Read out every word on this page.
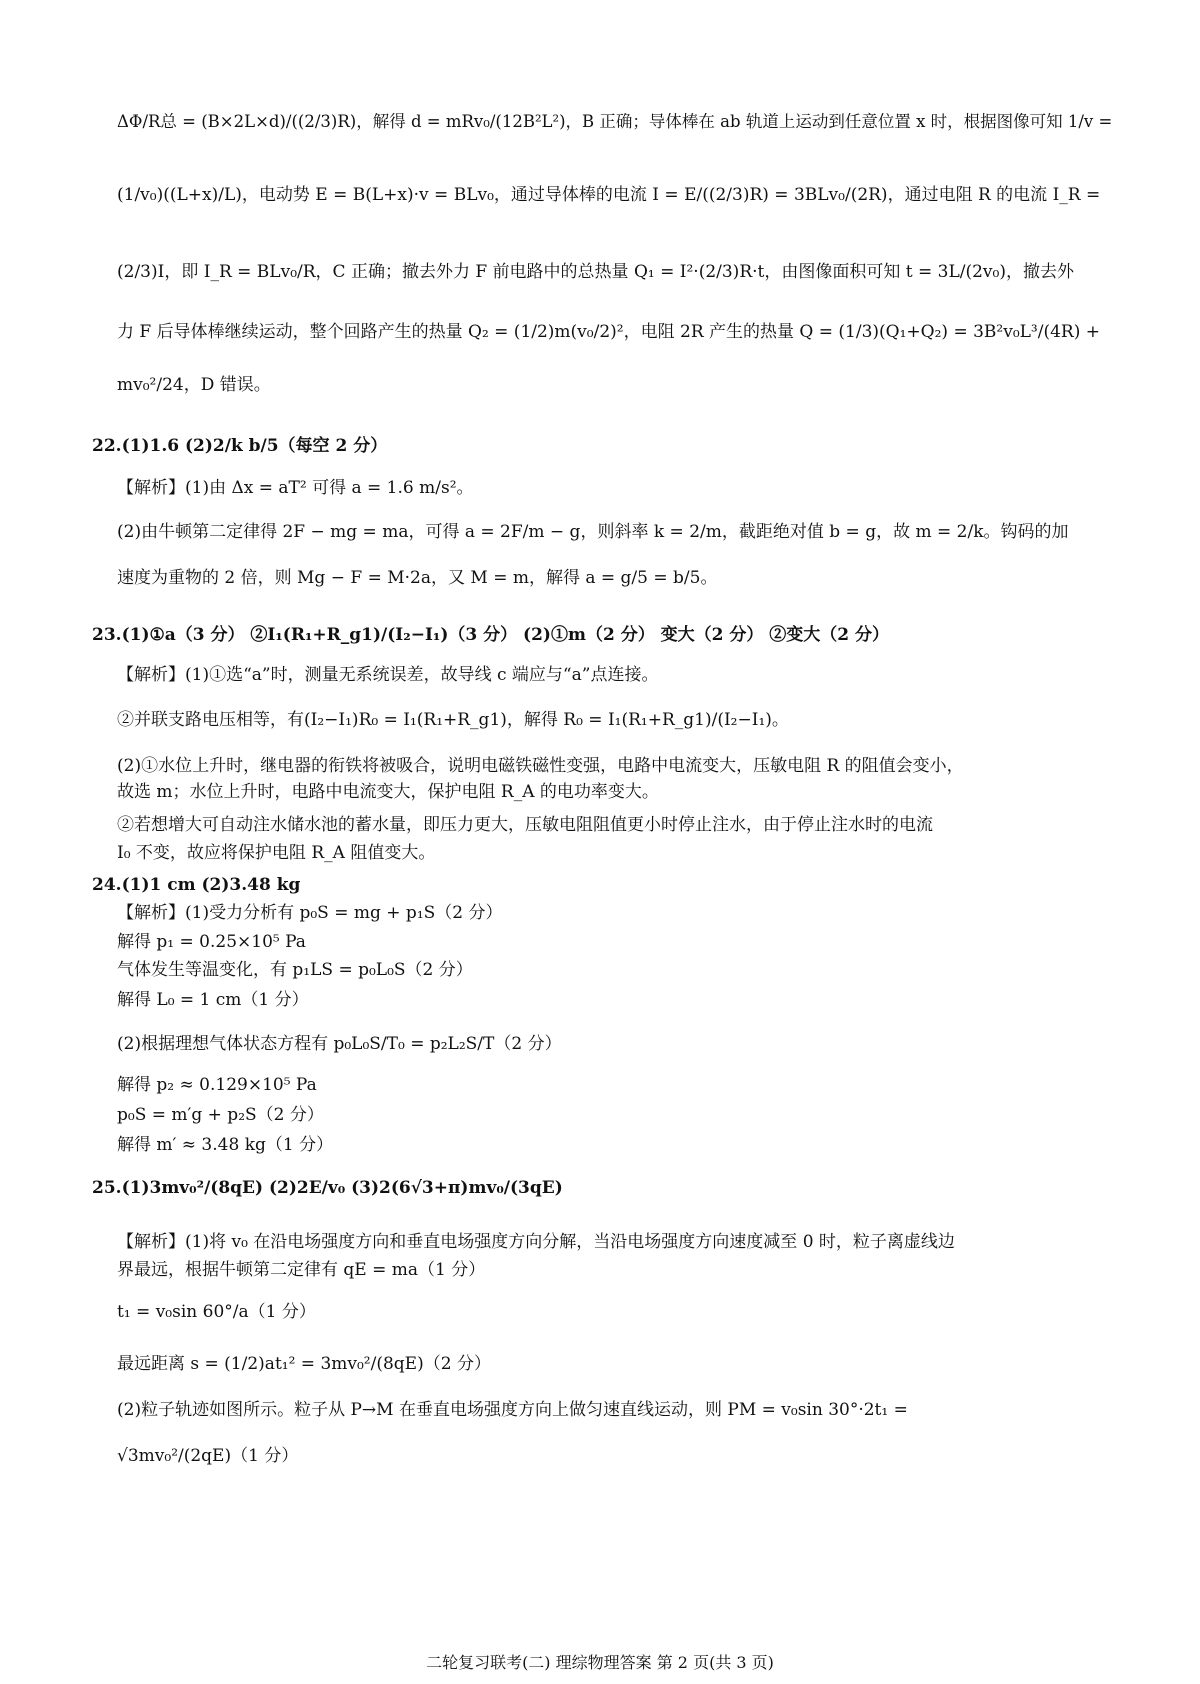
ΔΦ/R总 = (B×2L×d)/((2/3)R)，解得 d = mRv₀/(12B²L²)，B 正确；导体棒在 ab 轨道上运动到任意位置 x 时，根据图像可知 1/v =
(1/v₀)((L+x)/L)，电动势 E = B(L+x)·v = BLv₀，通过导体棒的电流 I = E/((2/3)R) = 3BLv₀/(2R)，通过电阻 R 的电流 I_R =
(2/3)I，即 I_R = BLv₀/R，C 正确；撤去外力 F 前电路中的总热量 Q₁ = I²·(2/3)R·t，由图像面积可知 t = 3L/(2v₀)，撤去外
力 F 后导体棒继续运动，整个回路产生的热量 Q₂ = (1/2)m(v₀/2)²，电阻 2R 产生的热量 Q = (1/3)(Q₁+Q₂) = 3B²v₀L³/(4R) +
mv₀²/24，D 错误。
22.(1)1.6 (2)2/k b/5（每空 2 分）
【解析】(1)由 Δx = aT² 可得 a = 1.6 m/s²。
(2)由牛顿第二定律得 2F − mg = ma，可得 a = 2F/m − g，则斜率 k = 2/m，截距绝对值 b = g，故 m = 2/k。钩码的加
速度为重物的 2 倍，则 Mg − F = M·2a，又 M = m，解得 a = g/5 = b/5。
23.(1)①a（3 分） ②I₁(R₁+R_g1)/(I₂−I₁)（3 分） (2)①m（2 分） 变大（2 分） ②变大（2 分）
【解析】(1)①选“a”时，测量无系统误差，故导线 c 端应与“a”点连接。
②并联支路电压相等，有(I₂−I₁)R₀ = I₁(R₁+R_g1)，解得 R₀ = I₁(R₁+R_g1)/(I₂−I₁)。
(2)①水位上升时，继电器的衔铁将被吸合，说明电磁铁磁性变强，电路中电流变大，压敏电阻 R 的阻值会变小，
故选 m；水位上升时，电路中电流变大，保护电阻 R_A 的电功率变大。
②若想增大可自动注水储水池的蓄水量，即压力更大，压敏电阻阻值更小时停止注水，由于停止注水时的电流
I₀ 不变，故应将保护电阻 R_A 阻值变大。
24.(1)1 cm (2)3.48 kg
【解析】(1)受力分析有 p₀S = mg + p₁S（2 分）
解得 p₁ = 0.25×10⁵ Pa
气体发生等温变化，有 p₁LS = p₀L₀S（2 分）
解得 L₀ = 1 cm（1 分）
(2)根据理想气体状态方程有 p₀L₀S/T₀ = p₂L₂S/T（2 分）
解得 p₂ ≈ 0.129×10⁵ Pa
p₀S = m′g + p₂S（2 分）
解得 m′ ≈ 3.48 kg（1 分）
25.(1)3mv₀²/(8qE) (2)2E/v₀ (3)2(6√3+π)mv₀/(3qE)
【解析】(1)将 v₀ 在沿电场强度方向和垂直电场强度方向分解，当沿电场强度方向速度减至 0 时，粒子离虚线边
界最远，根据牛顿第二定律有 qE = ma（1 分）
t₁ = v₀sin 60°/a（1 分）
最远距离 s = (1/2)at₁² = 3mv₀²/(8qE)（2 分）
(2)粒子轨迹如图所示。粒子从 P→M 在垂直电场强度方向上做匀速直线运动，则 PM = v₀sin 30°·2t₁ =
√3mv₀²/(2qE)（1 分）
二轮复习联考(二) 理综物理答案 第 2 页(共 3 页)
